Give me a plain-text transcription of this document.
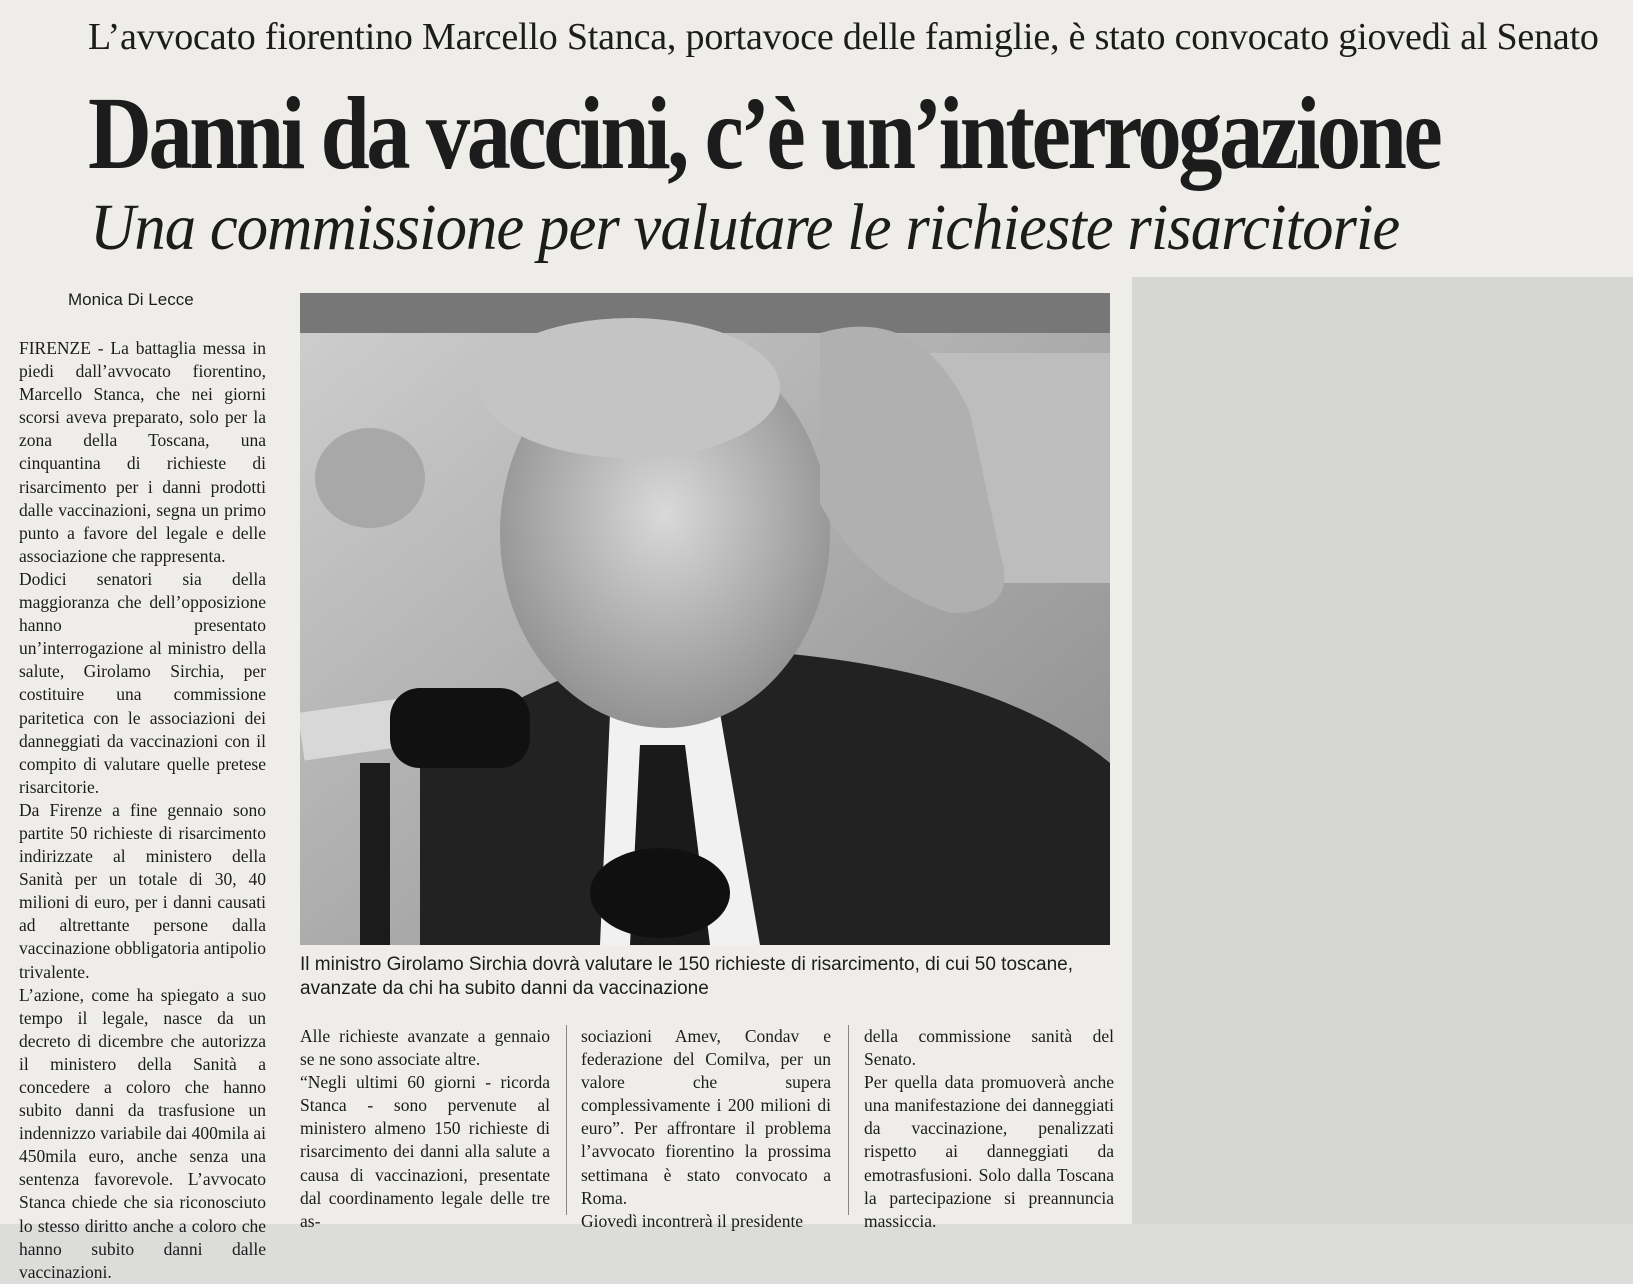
L’avvocato fiorentino Marcello Stanca, portavoce delle famiglie, è stato convocato giovedì al Senato
Danni da vaccini, c’è un’interrogazione
Una commissione per valutare le richieste risarcitorie
Monica Di Lecce

FIRENZE - La battaglia messa in piedi dall’avvocato fiorentino, Marcello Stanca, che nei giorni scorsi aveva preparato, solo per la zona della Toscana, una cinquantina di richieste di risarcimento per i danni prodotti dalle vaccinazioni, segna un primo punto a favore del legale e delle associazione che rappresenta.

Dodici senatori sia della maggioranza che dell’opposizione hanno presentato un’interrogazione al ministro della salute, Girolamo Sirchia, per costituire una commissione paritetica con le associazioni dei danneggiati da vaccinazioni con il compito di valutare quelle pretese risarcitorie.

Da Firenze a fine gennaio sono partite 50 richieste di risarcimento indirizzate al ministero della Sanità per un totale di 30, 40 milioni di euro, per i danni causati ad altrettante persone dalla vaccinazione obbligatoria antipolio trivalente.

L’azione, come ha spiegato a suo tempo il legale, nasce da un decreto di dicembre che autorizza il ministero della Sanità a concedere a coloro che hanno subito danni da trasfusione un indennizzo variabile dai 400mila ai 450mila euro, anche senza una sentenza favorevole. L’avvocato Stanca chiede che sia riconosciuto lo stesso diritto anche a coloro che hanno subito danni dalle vaccinazioni.

Il ministro Girolamo Sirchia dovrà valutare le 150 richieste di risarcimento, di cui 50 toscane, avanzate da chi ha subito danni da vaccinazione

Alle richieste avanzate a gennaio se ne sono associate altre.

“Negli ultimi 60 giorni - ricorda Stanca - sono pervenute al ministero almeno 150 richieste di risarcimento dei danni alla salute a causa di vaccinazioni, presentate dal coordinamento legale delle tre as-

sociazioni Amev, Condav e federazione del Comilva, per un valore che supera complessivamente i 200 milioni di euro”. Per affrontare il problema l’avvocato fiorentino la prossima settimana è stato convocato a Roma.

Giovedì incontrerà il presidente

della commissione sanità del Senato.

Per quella data promuoverà anche una manifestazione dei danneggiati da vaccinazione, penalizzati rispetto ai danneggiati da emotrasfusioni. Solo dalla Toscana la partecipazione si preannuncia massiccia.
